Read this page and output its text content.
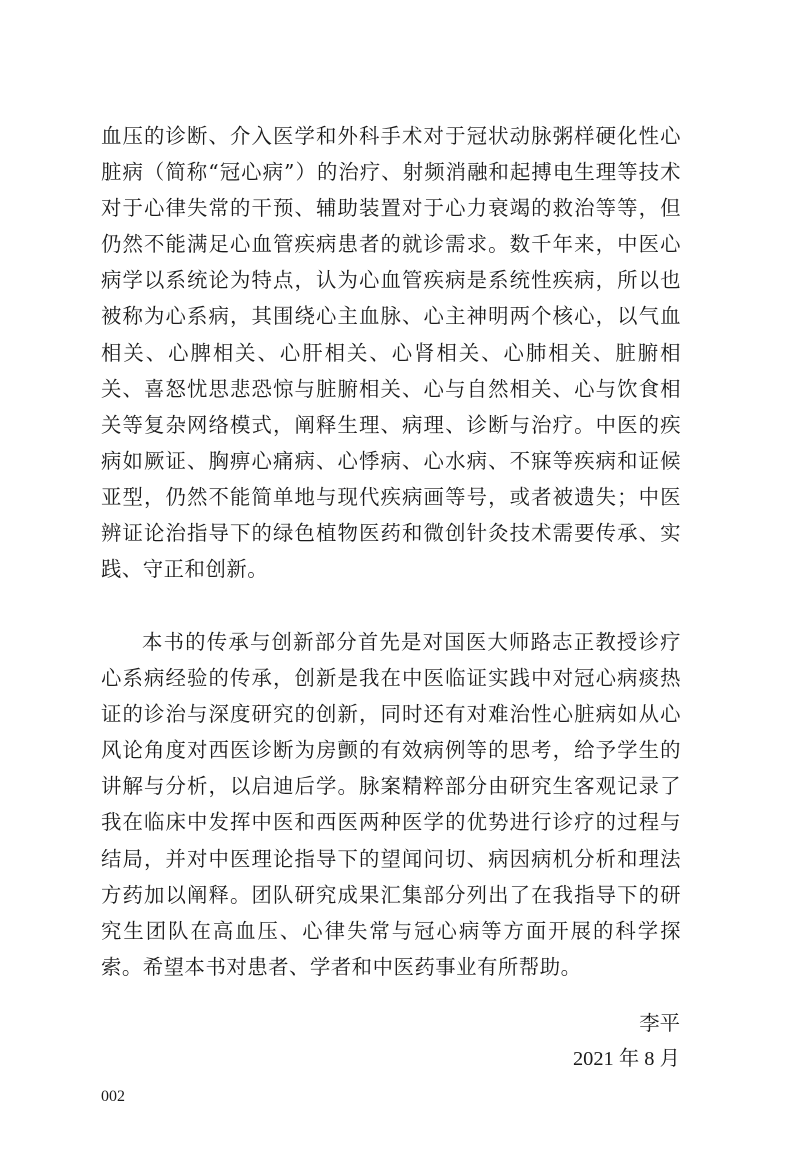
血压的诊断、介入医学和外科手术对于冠状动脉粥样硬化性心脏病（简称“冠心病”）的治疗、射频消融和起搏电生理等技术对于心律失常的干预、辅助装置对于心力衰竭的救治等等，但仍然不能满足心血管疾病患者的就诊需求。数千年来，中医心病学以系统论为特点，认为心血管疾病是系统性疾病，所以也被称为心系病，其围绕心主血脉、心主神明两个核心，以气血相关、心脾相关、心肝相关、心肾相关、心肺相关、脏腑相关、喜怒忧思悲恐惊与脏腑相关、心与自然相关、心与饮食相关等复杂网络模式，阐释生理、病理、诊断与治疗。中医的疾病如厥证、胸痹心痛病、心悸病、心水病、不寐等疾病和证候亚型，仍然不能简单地与现代疾病画等号，或者被遗失；中医辨证论治指导下的绿色植物医药和微创针灸技术需要传承、实践、守正和创新。

本书的传承与创新部分首先是对国医大师路志正教授诊疗心系病经验的传承，创新是我在中医临证实践中对冠心病痰热证的诊治与深度研究的创新，同时还有对难治性心脏病如从心风论角度对西医诊断为房颤的有效病例等的思考，给予学生的讲解与分析，以启迪后学。脉案精粹部分由研究生客观记录了我在临床中发挥中医和西医两种医学的优势进行诊疗的过程与结局，并对中医理论指导下的望闻问切、病因病机分析和理法方药加以阐释。团队研究成果汇集部分列出了在我指导下的研究生团队在高血压、心律失常与冠心病等方面开展的科学探索。希望本书对患者、学者和中医药事业有所帮助。

李平
2021 年 8 月
002
